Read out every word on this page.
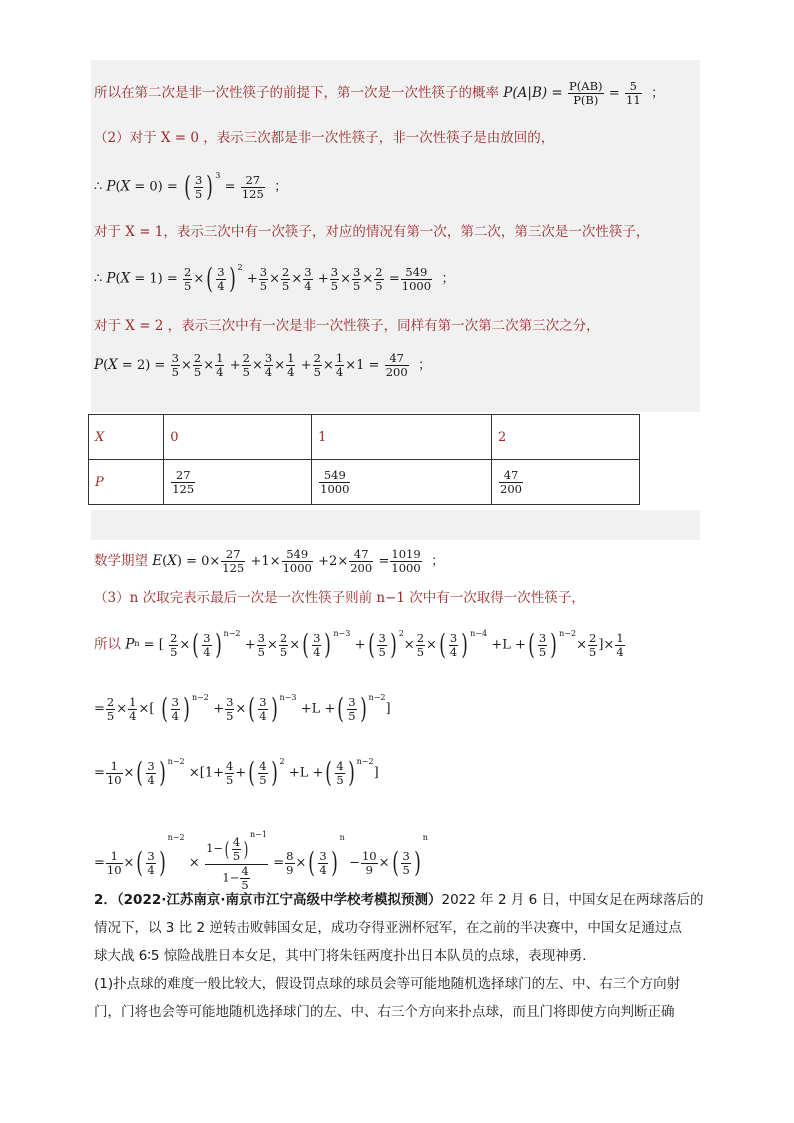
所以在第二次是非一次性筷子的前提下，第一次是一次性筷子的概率 $P(A|B) = \frac{P(AB)}{P(B)} = \frac{5}{11}$ ；
（2）对于 X = 0 ，表示三次都是非一次性筷子，非一次性筷子是由放回的，
∴ P(X = 0) = ( $\frac{3}{5}$ ) $^3 = \frac{27}{125}$ ；
对于 X = 1，表示三次中有一次筷子，对应的情况有第一次，第二次，第三次是一次性筷子，
∴ $P(X = 1) = \frac{2}{5}$ ×( $\frac{3}{4}$ ) $^2 + \frac{3}{5} \times \frac{2}{5} \times \frac{3}{4} + \frac{3}{5} \times \frac{3}{5} \times \frac{2}{5} = \frac{549}{1000}$ ；
对于 X = 2 ，表示三次中有一次是非一次性筷子，同样有第一次第二次第三次之分，
$P(X = 2) = \frac{3}{5} \times \frac{2}{5} \times \frac{1}{4} + \frac{2}{5} \times \frac{3}{4} \times \frac{1}{4} + \frac{2}{5} \times \frac{1}{4} \times 1 = \frac{47}{200}$ ；
X	0	1	2
P	$\frac{27}{125}$	$\frac{549}{1000}$	$\frac{47}{200}$
数学期望 $E(X) = 0\times \frac{27}{125} +1\times \frac{549}{1000} +2\times \frac{47}{200} = \frac{1019}{1000}$ ；
（3）n 次取完表示最后一次是一次性筷子则前 n−1 次中有一次取得一次性筷子，
所以 $P^n$ = [ $\frac{2}{5}$ ×( $\frac{3}{4}$ ) $^{n-2} + \frac{3}{5} \times \frac{2}{5}$ ×( $\frac{3}{4}$ ) $^{n-3}$ +( $\frac{3}{5}$ ) $^2\times \frac{2}{5}$ ×( $\frac{3}{4}$ ) $^{n-4}$ +L +( $\frac{3}{5}$ ) $^{n-2}\times \frac{2}{5}$ ]× $\frac{1}{4}$
= $\frac{2}{5} \times \frac{1}{4}$ ×[ ( $\frac{3}{4}$ ) $^{n-2} + \frac{3}{5}$ ×( $\frac{3}{4}$ ) $^{n-3}$ +L +( $\frac{3}{5}$ ) $^{n-2}$]
= $\frac{1}{10}$ ×( $\frac{3}{4}$ ) $^{n-2} \times[1+ \frac{4}{5}$ +( $\frac{4}{5}$ ) $^2$ +L +( $\frac{4}{5}$ ) $^{n-2}$]
= $\frac{1}{10}$ ×( $\frac{3}{4} )^{n-2} \times \frac{1-( \frac{4}{5} )^{n-1}}{1- \frac{4}{5}} = \frac{8}{9}$ ×( $\frac{3}{4} )^n - \frac{10}{9}$ ×( $\frac{3}{5} )^n$
2．（2022·江苏南京·南京市江宁高级中学校考模拟预测）2022 年 2 月 6 日，中国女足在两球落后的
情况下，以 3 比 2 逆转击败韩国女足，成功夺得亚洲杯冠军，在之前的半决赛中，中国女足通过点
球大战 6∶5 惊险战胜日本女足，其中门将朱钰两度扑出日本队员的点球，表现神勇．
(1)扑点球的难度一般比较大，假设罚点球的球员会等可能地随机选择球门的左、中、右三个方向射
门，门将也会等可能地随机选择球门的左、中、右三个方向来扑点球，而且门将即使方向判断正确
